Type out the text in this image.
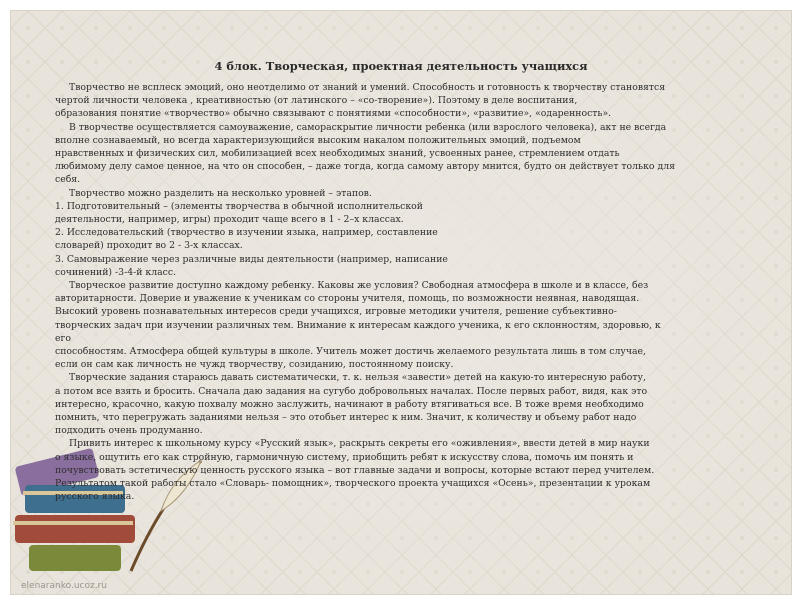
4 блок. Творческая, проектная деятельность учащихся

Творчество не всплеск эмоций, оно неотделимо от знаний и умений. Способность и готовность к творчеству становятся

чертой личности человека , креативностью (от латинского – «со-творение»). Поэтому в деле воспитания,

образования понятие «творчество» обычно связывают с понятиями «способности», «развитие», «одаренность».

В творчестве осуществляется самоуважение, самораскрытие личности ребенка (или взрослого человека), акт не всегда

вполне сознаваемый, но всегда характеризующийся высоким накалом положительных эмоций, подъемом

нравственных и физических сил, мобилизацией всех необходимых знаний, усвоенных ранее, стремлением отдать

любимому делу самое ценное, на что он способен, – даже тогда, когда самому автору мнится, будто он действует только для

себя.

Творчество можно разделить на несколько уровней – этапов.

1. Подготовительный – (элементы творчества в обычной исполнительской

деятельности, например, игры) проходит чаще всего в 1 - 2–х классах.

2. Исследовательский (творчество в изучении языка, например, составление

словарей) проходит во 2 - 3-х классах.

3. Самовыражение через различные виды деятельности (например, написание

сочинений) -3-4-й класс.

Творческое развитие доступно каждому ребенку. Каковы же условия? Свободная атмосфера в школе и в классе, без

авторитарности. Доверие и уважение к ученикам со стороны учителя, помощь, по возможности неявная, наводящая.

Высокий уровень познавательных интересов среди учащихся, игровые методики учителя, решение субъективно-

творческих задач при изучении различных тем. Внимание к интересам каждого ученика, к его склонностям, здоровью, к

его

способностям. Атмосфера общей культуры в школе. Учитель может достичь желаемого результата лишь в том случае,

если он сам как личность не чужд творчеству, созиданию, постоянному поиску.

Творческие задания стараюсь давать систематически, т. к. нельзя «завести» детей на какую-то интересную работу,

а потом все взять и бросить. Сначала даю задания на сугубо добровольных началах. После первых работ, видя, как это

интересно, красочно, какую похвалу можно заслужить, начинают в работу втягиваться все. В тоже время необходимо

помнить, что перегружать заданиями нельзя – это отобьет интерес к ним. Значит, к количеству и объему работ надо

подходить очень продуманно.

Привить интерес к школьному курсу «Русский язык», раскрыть секреты его «оживления», ввести детей в мир науки

о языке, ощутить его как стройную, гармоничную систему, приобщить ребят к искусству слова, помочь им понять и

почувствовать эстетическую ценность русского языка – вот главные задачи и вопросы, которые встают перед учителем.

Результатом такой работы стало «Словарь- помощник», творческого проекта учащихся «Осень», презентации к урокам

русского языка.

elenaranko.ucoz.ru
